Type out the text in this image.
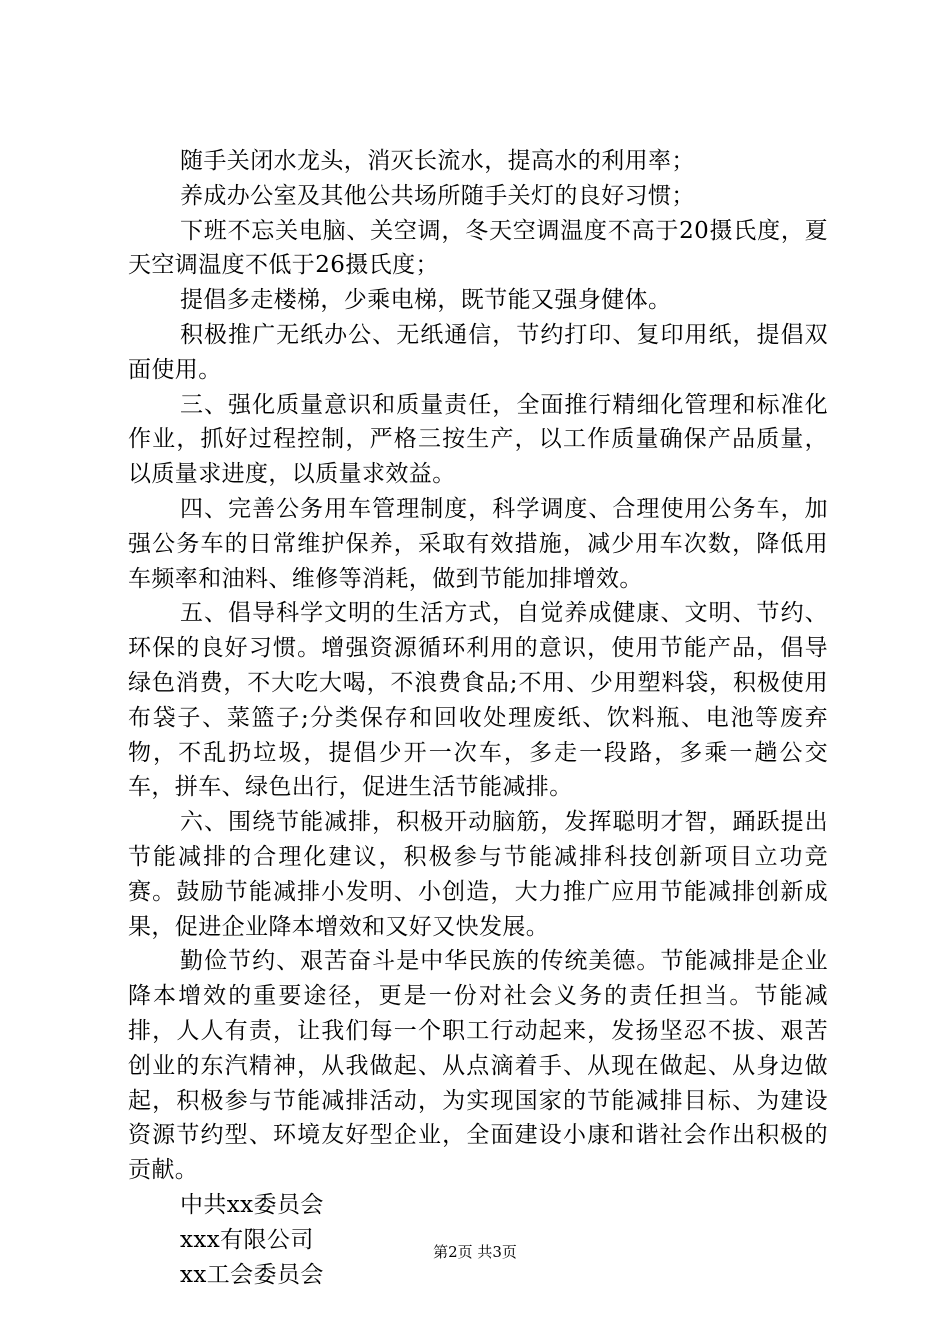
随手关闭水龙头，消灭长流水，提高水的利用率；

养成办公室及其他公共场所随手关灯的良好习惯；

下班不忘关电脑、关空调，冬天空调温度不高于20摄氏度，夏天空调温度不低于26摄氏度；

提倡多走楼梯，少乘电梯，既节能又强身健体。

积极推广无纸办公、无纸通信，节约打印、复印用纸，提倡双面使用。

三、强化质量意识和质量责任，全面推行精细化管理和标准化作业，抓好过程控制，严格三按生产，以工作质量确保产品质量，以质量求进度，以质量求效益。

四、完善公务用车管理制度，科学调度、合理使用公务车，加强公务车的日常维护保养，采取有效措施，减少用车次数，降低用车频率和油料、维修等消耗，做到节能加排增效。

五、倡导科学文明的生活方式，自觉养成健康、文明、节约、环保的良好习惯。增强资源循环利用的意识，使用节能产品，倡导绿色消费，不大吃大喝，不浪费食品;不用、少用塑料袋，积极使用布袋子、菜篮子;分类保存和回收处理废纸、饮料瓶、电池等废弃物，不乱扔垃圾，提倡少开一次车，多走一段路，多乘一趟公交车，拼车、绿色出行，促进生活节能减排。

六、围绕节能减排，积极开动脑筋，发挥聪明才智，踊跃提出节能减排的合理化建议，积极参与节能减排科技创新项目立功竞赛。鼓励节能减排小发明、小创造，大力推广应用节能减排创新成果，促进企业降本增效和又好又快发展。

勤俭节约、艰苦奋斗是中华民族的传统美德。节能减排是企业降本增效的重要途径，更是一份对社会义务的责任担当。节能减排，人人有责，让我们每一个职工行动起来，发扬坚忍不拔、艰苦创业的东汽精神，从我做起、从点滴着手、从现在做起、从身边做起，积极参与节能减排活动，为实现国家的节能减排目标、为建设资源节约型、环境友好型企业，全面建设小康和谐社会作出积极的贡献。

中共xx委员会

xxx有限公司

xx工会委员会

第2页 共3页
